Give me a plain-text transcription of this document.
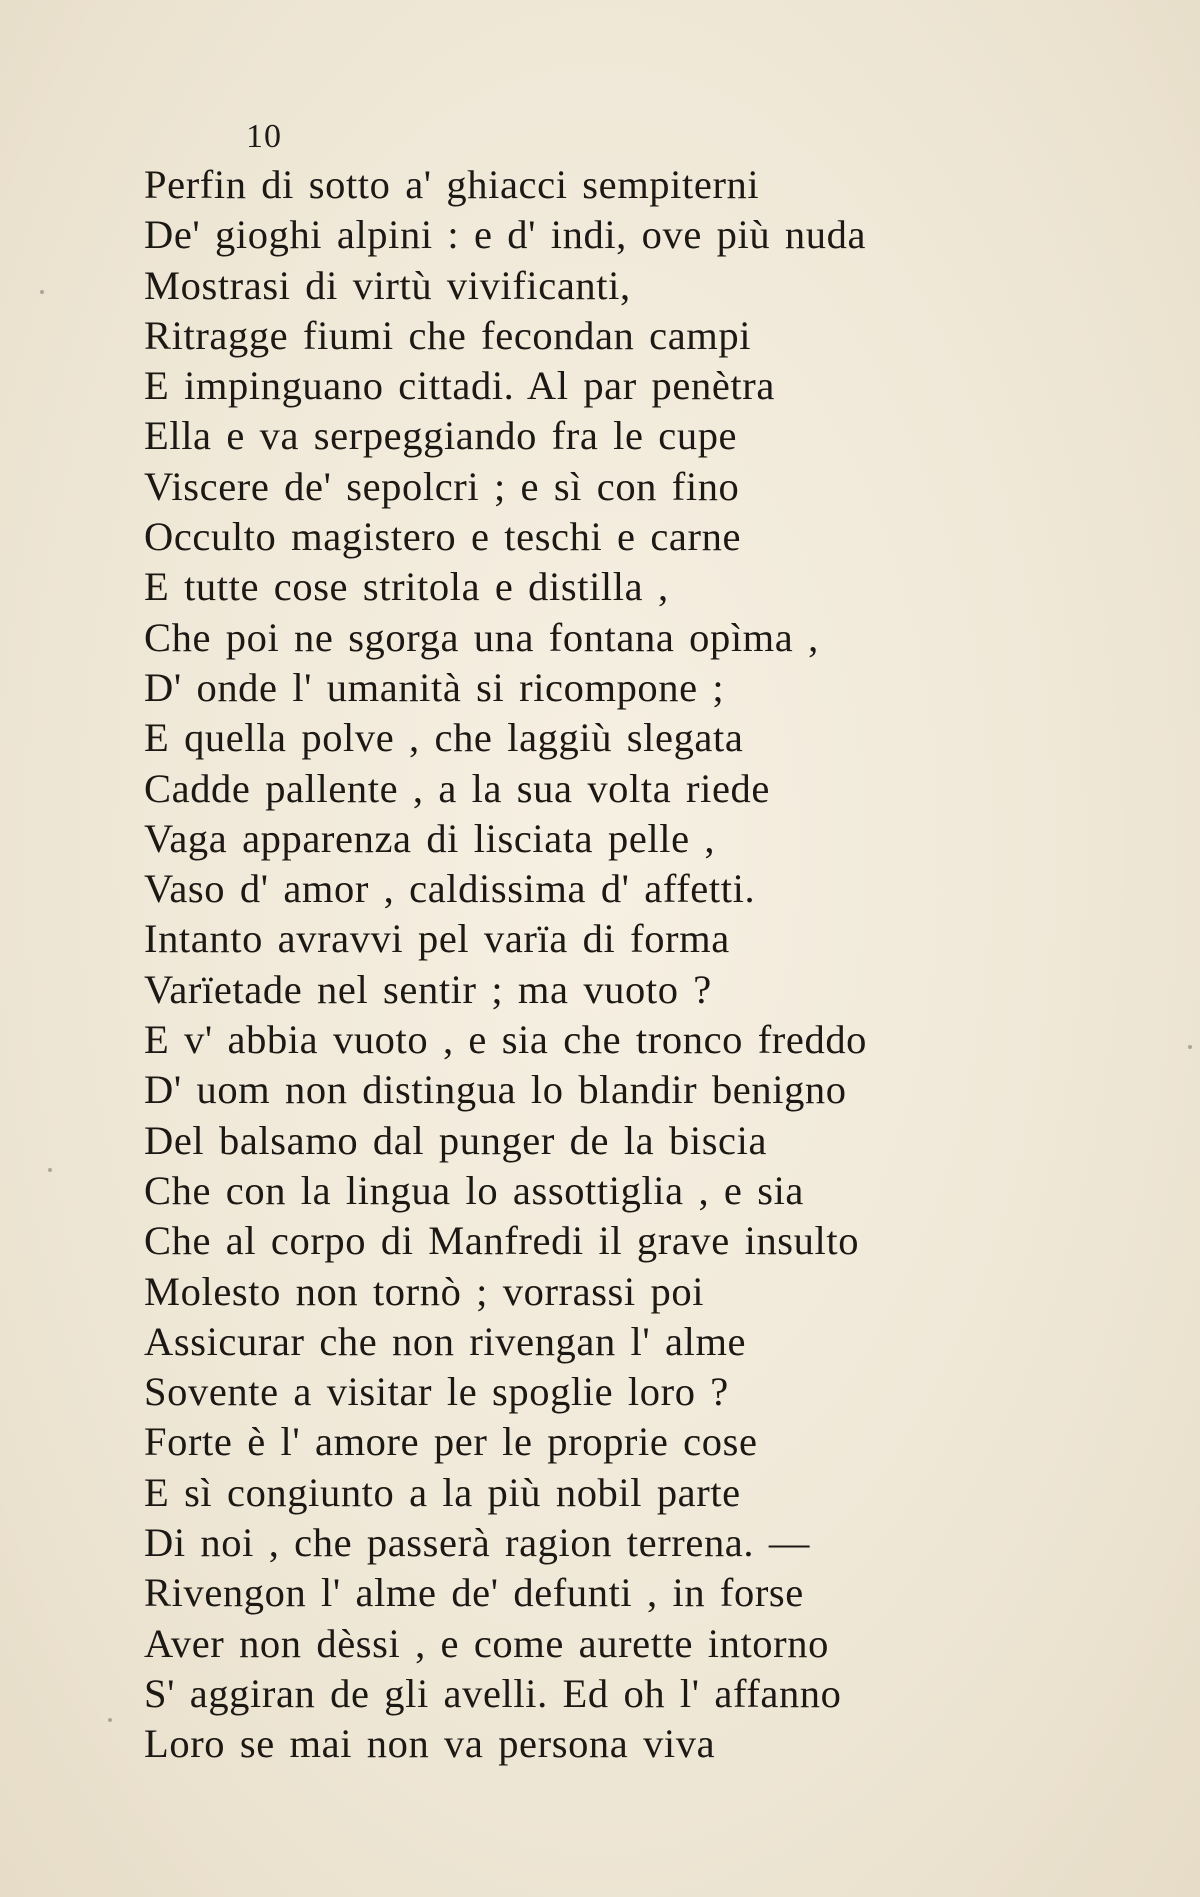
10
Perfin di sotto a' ghiacci sempiterni
De' gioghi alpini : e d' indi, ove più nuda
Mostrasi di virtù vivificanti,
Ritragge fiumi che fecondan campi
E impinguano cittadi. Al par penètra
Ella e va serpeggiando fra le cupe
Viscere de' sepolcri ; e sì con fino
Occulto magistero e teschi e carne
E tutte cose stritola e distilla ,
Che poi ne sgorga una fontana opìma ,
D' onde l' umanità si ricompone ;
E quella polve , che laggiù slegata
Cadde pallente , a la sua volta riede
Vaga apparenza di lisciata pelle ,
Vaso d' amor , caldissima d' affetti.
Intanto avravvi pel varïa di forma
Varïetade nel sentir ; ma vuoto ?
E v' abbia vuoto , e sia che tronco freddo
D' uom non distingua lo blandir benigno
Del balsamo dal punger de la biscia
Che con la lingua lo assottiglia , e sia
Che al corpo di Manfredi il grave insulto
Molesto non tornò ; vorrassi poi
Assicurar che non rivengan l' alme
Sovente a visitar le spoglie loro ?
Forte è l' amore per le proprie cose
E sì congiunto a la più nobil parte
Di noi , che passerà ragion terrena. —
Rivengon l' alme de' defunti , in forse
Aver non dèssi , e come aurette intorno
S' aggiran de gli avelli. Ed oh l' affanno
Loro se mai non va persona viva
